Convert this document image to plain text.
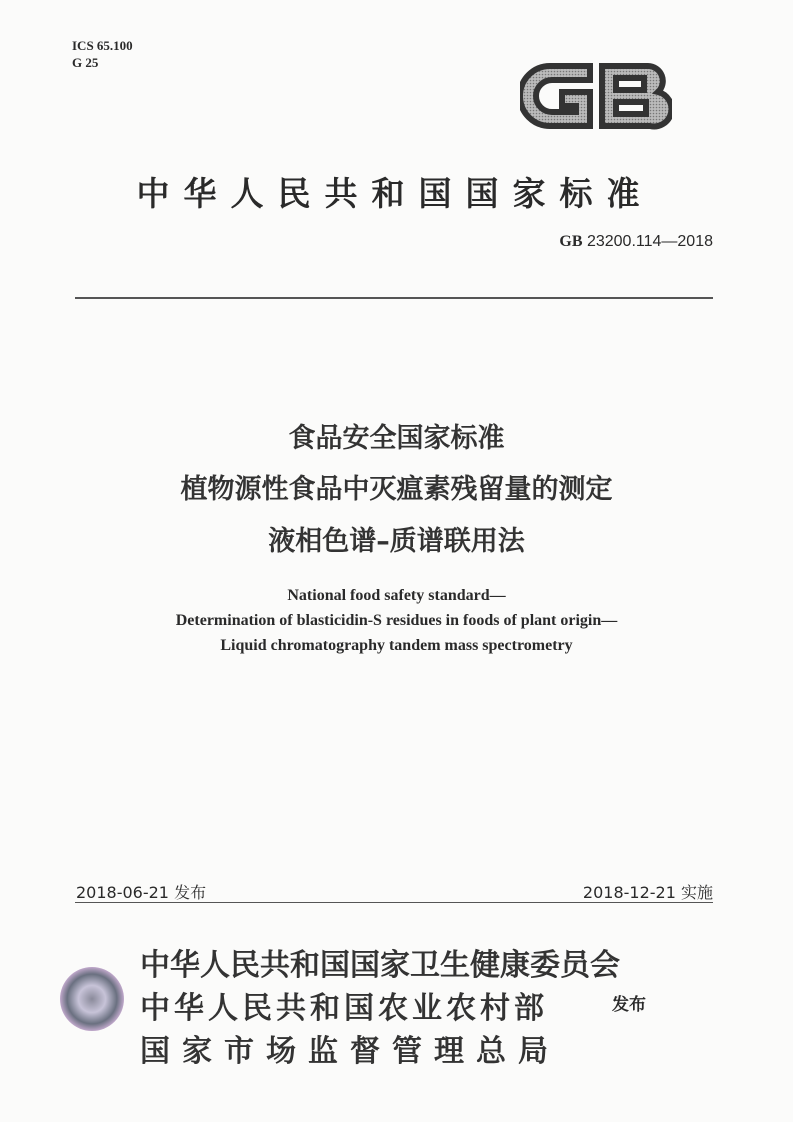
ICS 65.100
G 25
中华人民共和国国家标准
GB 23200.114—2018
食品安全国家标准
植物源性食品中灭瘟素残留量的测定
液相色谱–质谱联用法
National food safety standard—
Determination of blasticidin-S residues in foods of plant origin—
Liquid chromatography tandem mass spectrometry
2018-06-21 发布	2018-12-21 实施
中华人民共和国国家卫生健康委员会
中华人民共和国农业农村部
国家市场监督管理总局
发布
